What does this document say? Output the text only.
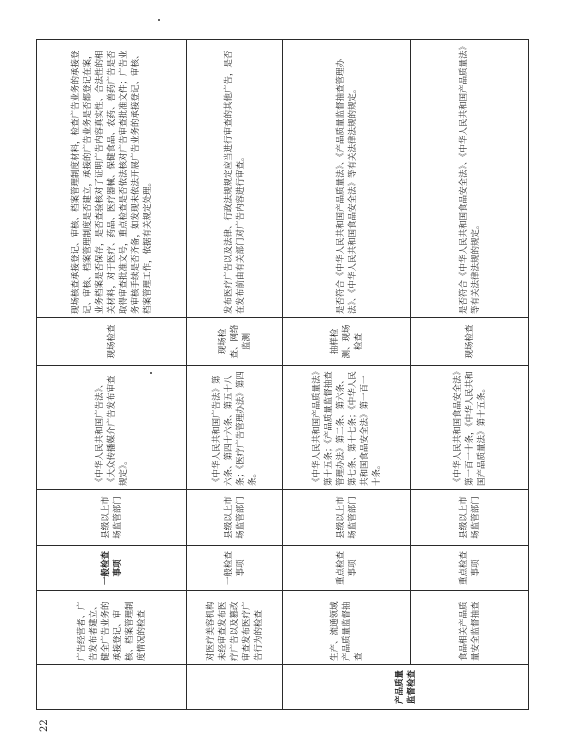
22
	广告经营者、广告发布者建立、健全广告业务的承接登记、审核、档案管理制度情况的检查	一般检查事项	县级以上市场监管部门	《中华人民共和国广告法》、《大众传播媒介广告发布审查规定》。	现场检查	现场核查承接登记、审核、档案管理制度材料，检查广告业务的承接登记、审核、档案管理制度是否建立，承接的广告业务是否都登记在案，业务档案是否保存，是否查验核对了证明广告内容真实性、合法性的相关材料，对于医疗、药品、医疗器械、保健食品、农药、兽药广告是否取得审查批准文号，重点检查是否依法核对广告审查批准文件；广告业务审核手续是否齐备，如发现未依法开展广告业务的承接登记、审核、档案管理工作，依据有关规定处理。
	对医疗美容机构未经审查发布医疗广告以及篡改审查发布医疗广告行为的检查	一般检查事项	县级以上市场监管部门	《中华人民共和国广告法》第六条、第四十六条、第五十八条；《医疗广告管理办法》第四条。	现场检查、网络监测	发布医疗广告以及法律、行政法规规定应当进行审查的其他广告，是否在发布前由有关部门对广告内容进行审查。
产品质量监督检查	生产、流通领域产品质量监督抽查	重点检查事项	县级以上市场监管部门	《中华人民共和国产品质量法》第十五条；《产品质量监督抽查管理办法》第二条、第六条、第七条、第十七条；《中华人民共和国食品安全法》第一百一十条。	抽样检测、现场检查	是否符合《中华人民共和国产品质量法》、《产品质量监督抽查管理办法》、《中华人民共和国食品安全法》等有关法律法规的规定。
	食品相关产品质量安全监督抽查	重点检查事项	县级以上市场监管部门	《中华人民共和国食品安全法》第一百一十条，《中华人民共和国产品质量法》第十五条。	现场检查	是否符合《中华人民共和国食品安全法》、《中华人民共和国产品质量法》等有关法律法规的规定。
